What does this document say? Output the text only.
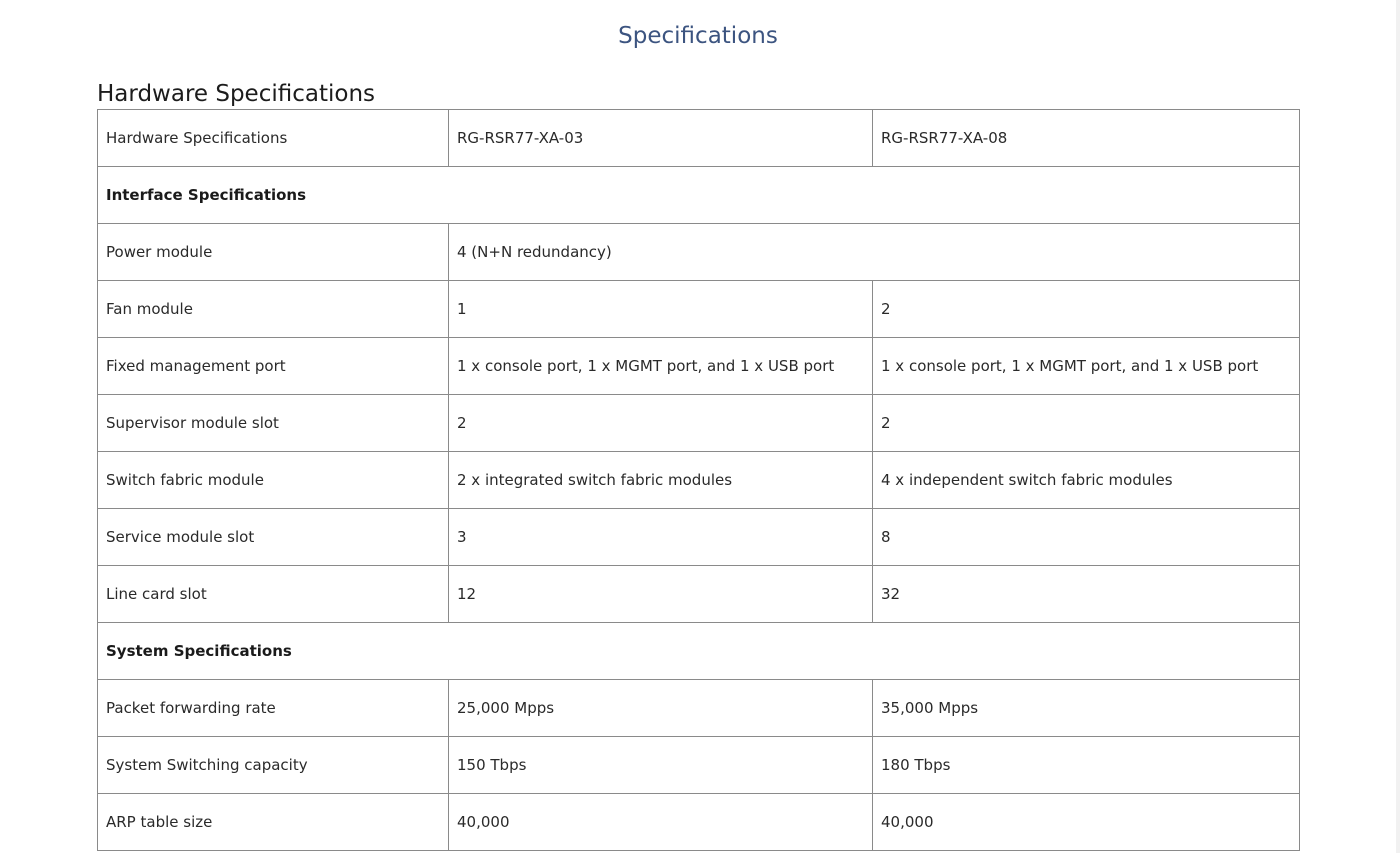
Specifications
Hardware Specifications
Hardware Specifications	RG-RSR77-XA-03	RG-RSR77-XA-08
Interface Specifications		
Power module	4 (N+N redundancy)	
Fan module	1	2
Fixed management port	1 x console port, 1 x MGMT port, and 1 x USB port	1 x console port, 1 x MGMT port, and 1 x USB port
Supervisor module slot	2	2
Switch fabric module	2 x integrated switch fabric modules	4 x independent switch fabric modules
Service module slot	3	8
Line card slot	12	32
System Specifications		
Packet forwarding rate	25,000 Mpps	35,000 Mpps
System Switching capacity	150 Tbps	180 Tbps
ARP table size	40,000	40,000
